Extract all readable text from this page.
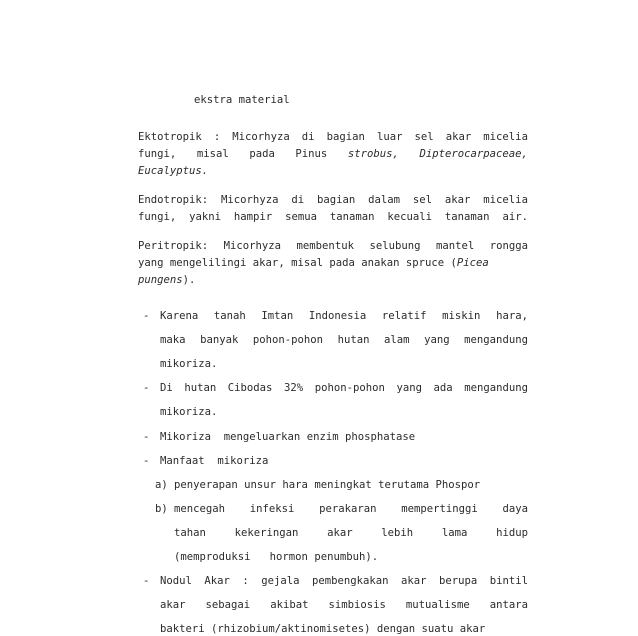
ekstra material
Ektotropik : Micorhyza di bagian luar sel akar micelia
fungi, misal pada Pinus strobus, Dipterocarpaceae,
Eucalyptus.
Endotropik: Micorhyza di bagian dalam sel akar micelia
fungi, yakni hampir semua tanaman kecuali tanaman air.
Peritropik: Micorhyza membentuk selubung mantel rongga
yang mengelilingi akar, misal pada anakan spruce (Picea
pungens).
- Karena tanah Imtan Indonesia relatif miskin hara,
maka banyak pohon-pohon hutan alam yang mengandung
mikoriza.
- Di hutan Cibodas 32% pohon-pohon yang ada mengandung
mikoriza.
- Mikoriza  mengeluarkan enzim phosphatase
- Manfaat  mikoriza
a) penyerapan unsur hara meningkat terutama Phospor
b) mencegah infeksi perakaran mempertinggi daya
tahan	kekeringan	akar	lebih	lama	hidup
(memproduksi   hormon penumbuh).
- Nodul Akar : gejala pembengkakan akar berupa bintil
akar sebagai akibat simbiosis mutualisme antara
bakteri (rhizobium/aktinomisetes) dengan suatu akar
